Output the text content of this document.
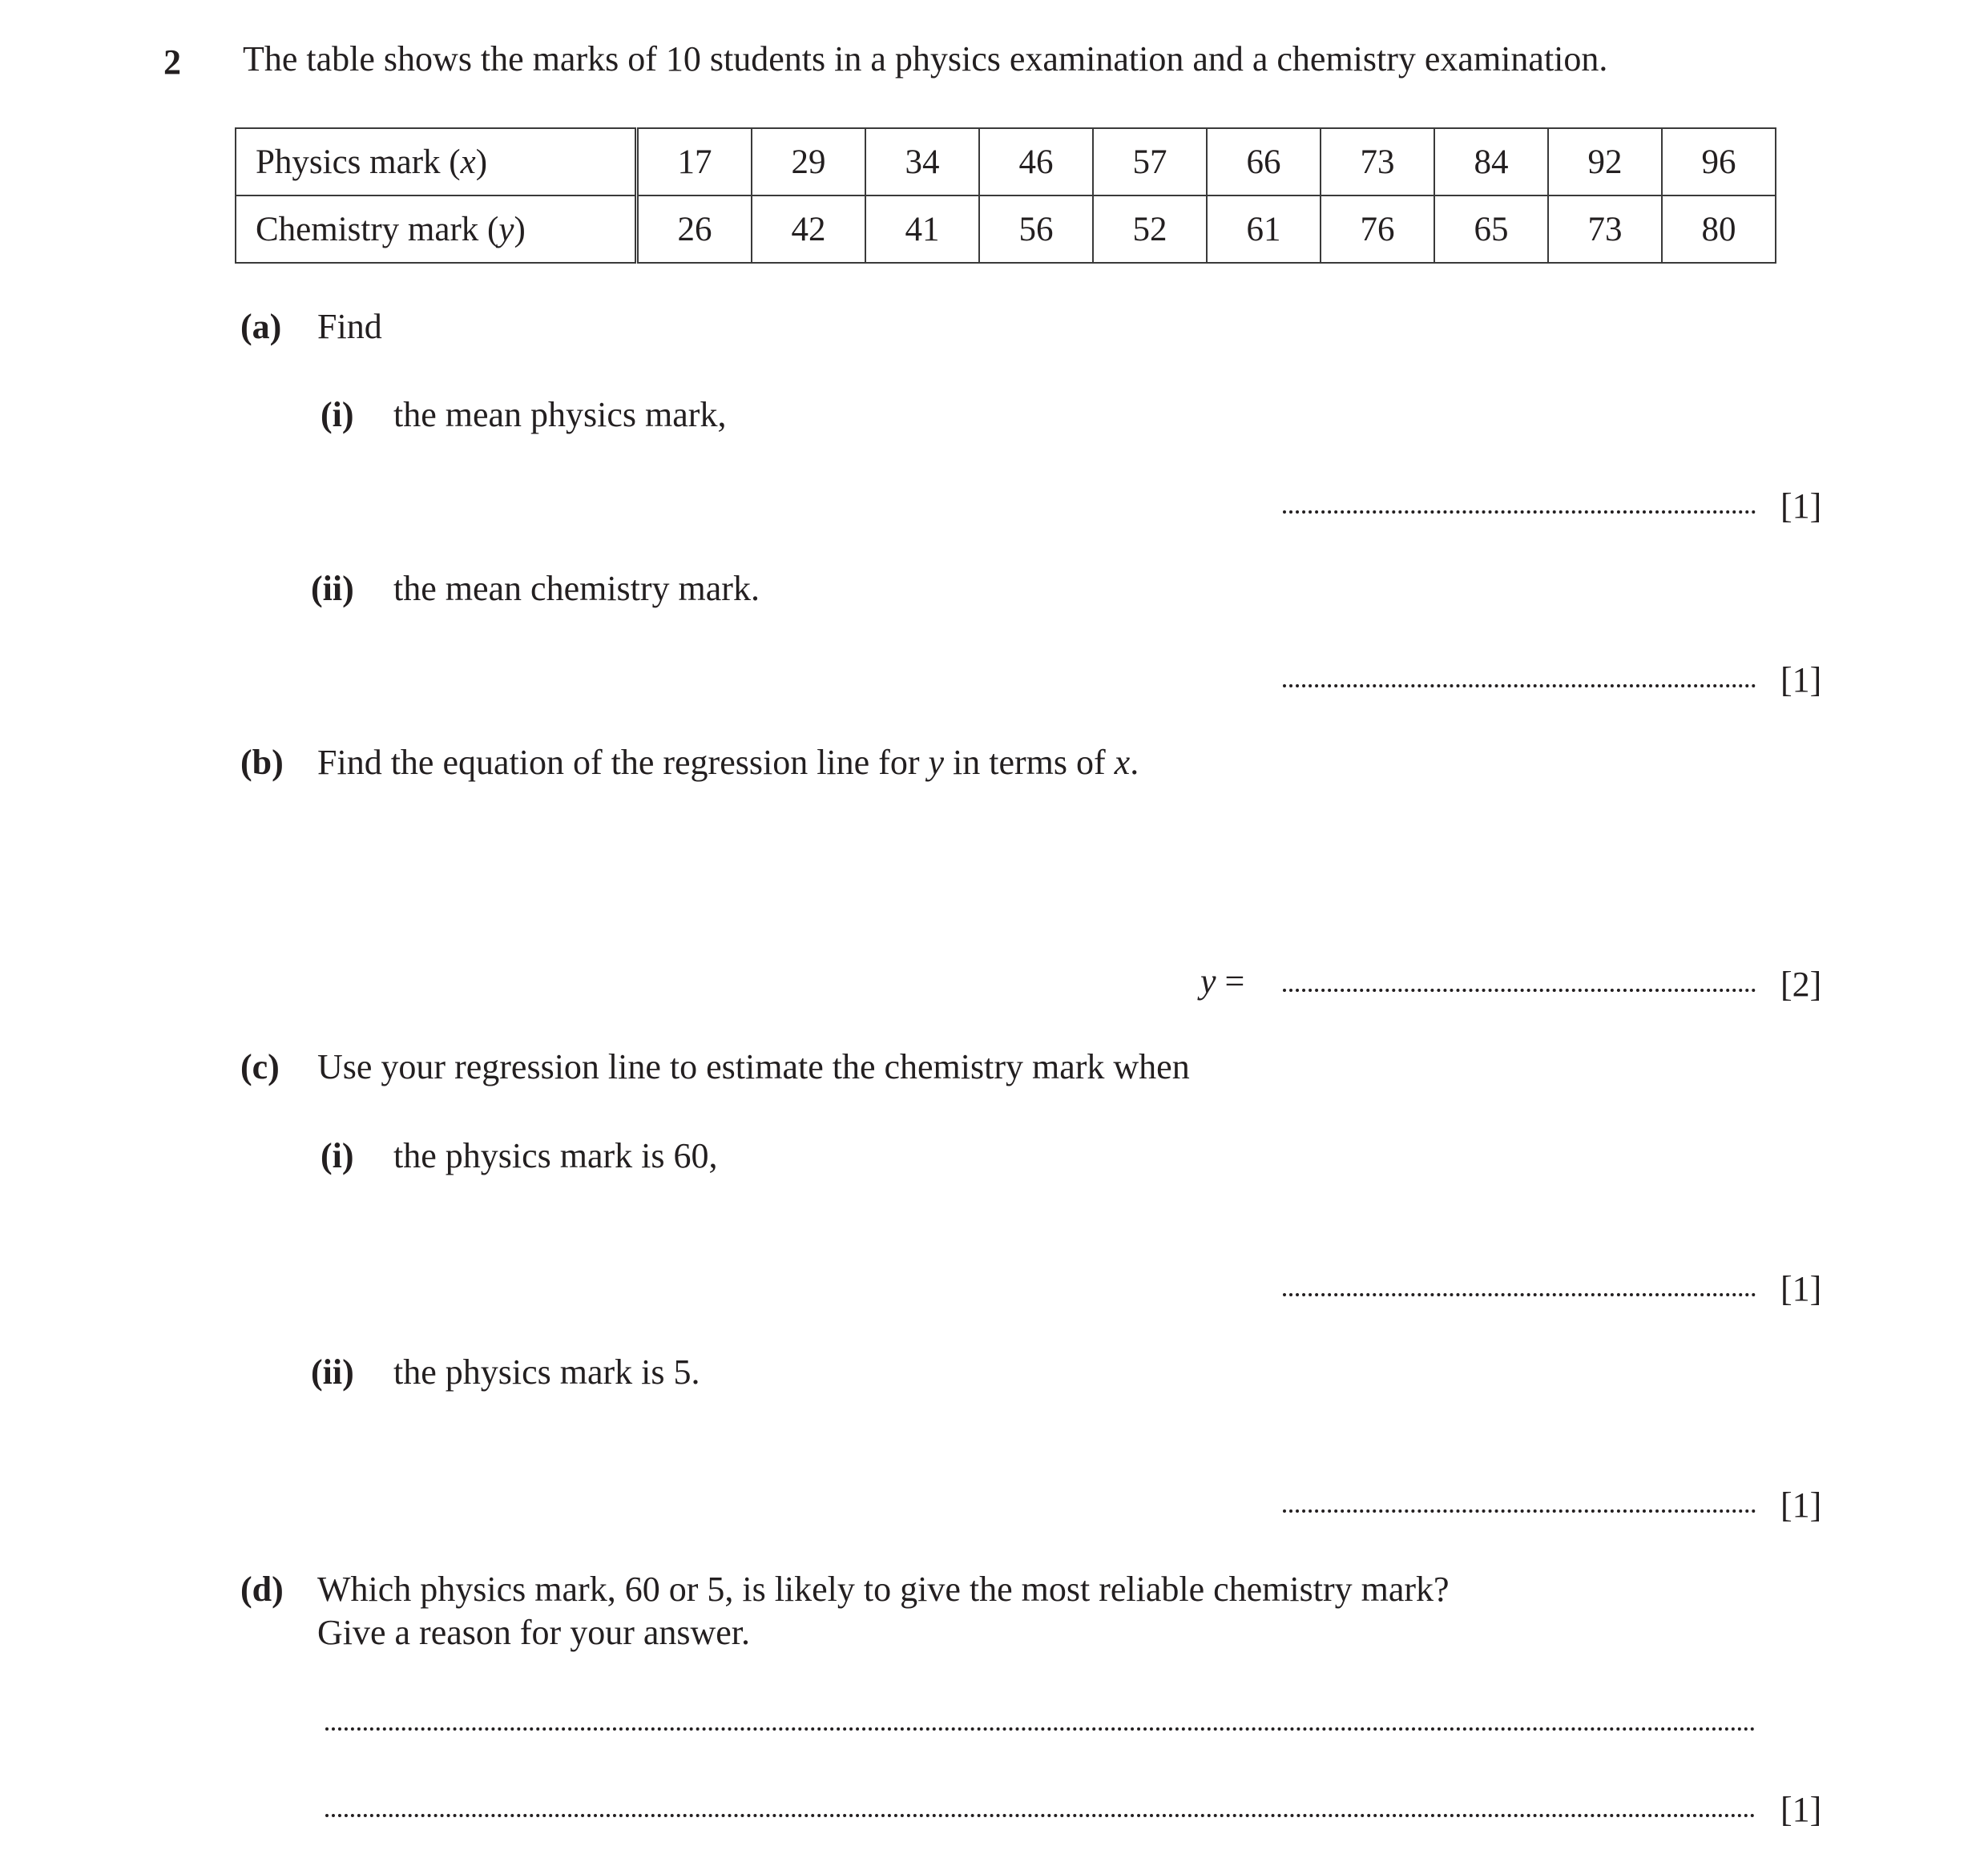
2 The table shows the marks of 10 students in a physics examination and a chemistry examination.
Physics mark (x)	17	29	34	46	57	66	73	84	92	96
Chemistry mark (y)	26	42	41	56	52	61	76	65	73	80
(a) Find
(i) the mean physics mark,
[1]
(ii) the mean chemistry mark.
[1]
(b) Find the equation of the regression line for y in terms of x.
y =	[2]
(c) Use your regression line to estimate the chemistry mark when
(i) the physics mark is 60,
[1]
(ii) the physics mark is 5.
[1]
(d) Which physics mark, 60 or 5, is likely to give the most reliable chemistry mark?
Give a reason for your answer.
[1]
